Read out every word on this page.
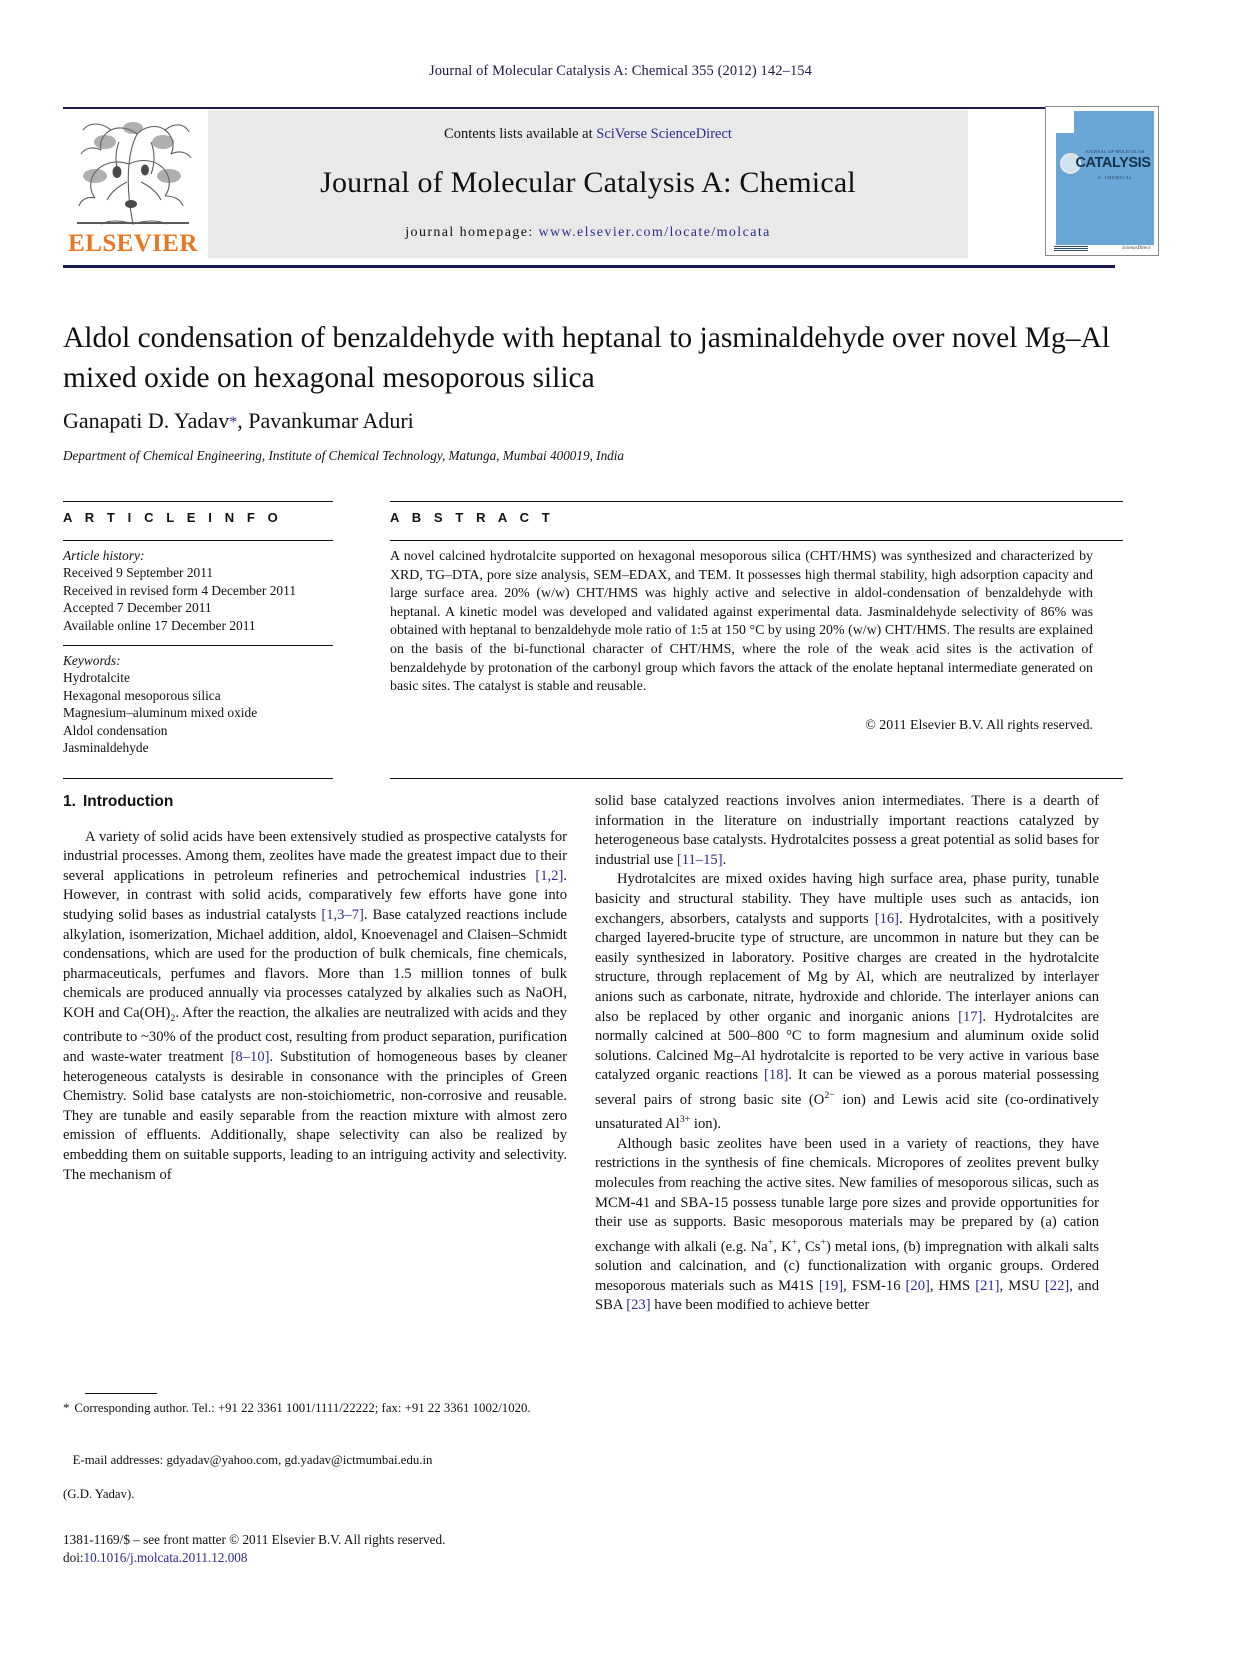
Journal of Molecular Catalysis A: Chemical 355 (2012) 142–154
ELSEVIER
Contents lists available at SciVerse ScienceDirect
Journal of Molecular Catalysis A: Chemical
journal homepage: www.elsevier.com/locate/molcata
JOURNAL OF MOLECULAR
CATALYSIS
A: CHEMICAL
ScienceDirect
Aldol condensation of benzaldehyde with heptanal to jasminaldehyde over novel Mg–Al mixed oxide on hexagonal mesoporous silica
Ganapati D. Yadav*, Pavankumar Aduri
Department of Chemical Engineering, Institute of Chemical Technology, Matunga, Mumbai 400019, India
A R T I C L E I N F O
Article history:
Received 9 September 2011
Received in revised form 4 December 2011
Accepted 7 December 2011
Available online 17 December 2011
Keywords:
Hydrotalcite
Hexagonal mesoporous silica
Magnesium–aluminum mixed oxide
Aldol condensation
Jasminaldehyde
A B S T R A C T
A novel calcined hydrotalcite supported on hexagonal mesoporous silica (CHT/HMS) was synthesized and characterized by XRD, TG–DTA, pore size analysis, SEM–EDAX, and TEM. It possesses high thermal stability, high adsorption capacity and large surface area. 20% (w/w) CHT/HMS was highly active and selective in aldol-condensation of benzaldehyde with heptanal. A kinetic model was developed and validated against experimental data. Jasminaldehyde selectivity of 86% was obtained with heptanal to benzaldehyde mole ratio of 1:5 at 150 °C by using 20% (w/w) CHT/HMS. The results are explained on the basis of the bi-functional character of CHT/HMS, where the role of the weak acid sites is the activation of benzaldehyde by protonation of the carbonyl group which favors the attack of the enolate heptanal intermediate generated on basic sites. The catalyst is stable and reusable.
© 2011 Elsevier B.V. All rights reserved.
1. Introduction

A variety of solid acids have been extensively studied as prospective catalysts for industrial processes. Among them, zeolites have made the greatest impact due to their several applications in petroleum refineries and petrochemical industries [1,2]. However, in contrast with solid acids, comparatively few efforts have gone into studying solid bases as industrial catalysts [1,3–7]. Base catalyzed reactions include alkylation, isomerization, Michael addition, aldol, Knoevenagel and Claisen–Schmidt condensations, which are used for the production of bulk chemicals, fine chemicals, pharmaceuticals, perfumes and flavors. More than 1.5 million tonnes of bulk chemicals are produced annually via processes catalyzed by alkalies such as NaOH, KOH and $Ca(OH)_2$. After the reaction, the alkalies are neutralized with acids and they contribute to ~30% of the product cost, resulting from product separation, purification and waste-water treatment [8–10]. Substitution of homogeneous bases by cleaner heterogeneous catalysts is desirable in consonance with the principles of Green Chemistry. Solid base catalysts are non-stoichiometric, non-corrosive and reusable. They are tunable and easily separable from the reaction mixture with almost zero emission of effluents. Additionally, shape selectivity can also be realized by embedding them on suitable supports, leading to an intriguing activity and selectivity. The mechanism of

solid base catalyzed reactions involves anion intermediates. There is a dearth of information in the literature on industrially important reactions catalyzed by heterogeneous base catalysts. Hydrotalcites possess a great potential as solid bases for industrial use [11–15].

Hydrotalcites are mixed oxides having high surface area, phase purity, tunable basicity and structural stability. They have multiple uses such as antacids, ion exchangers, absorbers, catalysts and supports [16]. Hydrotalcites, with a positively charged layered-brucite type of structure, are uncommon in nature but they can be easily synthesized in laboratory. Positive charges are created in the hydrotalcite structure, through replacement of Mg by Al, which are neutralized by interlayer anions such as carbonate, nitrate, hydroxide and chloride. The interlayer anions can also be replaced by other organic and inorganic anions [17]. Hydrotalcites are normally calcined at 500–800 °C to form magnesium and aluminum oxide solid solutions. Calcined Mg–Al hydrotalcite is reported to be very active in various base catalyzed organic reactions [18]. It can be viewed as a porous material possessing several pairs of strong basic site ($O^{2-}$ ion) and Lewis acid site (co-ordinatively unsaturated $Al^{3+}$ ion).

Although basic zeolites have been used in a variety of reactions, they have restrictions in the synthesis of fine chemicals. Micropores of zeolites prevent bulky molecules from reaching the active sites. New families of mesoporous silicas, such as MCM-41 and SBA-15 possess tunable large pore sizes and provide opportunities for their use as supports. Basic mesoporous materials may be prepared by (a) cation exchange with alkali (e.g. Na+, K+, Cs+) metal ions, (b) impregnation with alkali salts solution and calcination, and (c) functionalization with organic groups. Ordered mesoporous materials such as M41S [19], FSM-16 [20], HMS [21], MSU [22], and SBA [23] have been modified to achieve better

* Corresponding author. Tel.: +91 22 3361 1001/1111/22222; fax: +91 22 3361 1002/1020.
E-mail addresses: gdyadav@yahoo.com, gd.yadav@ictmumbai.edu.in
(G.D. Yadav).
1381-1169/$ – see front matter © 2011 Elsevier B.V. All rights reserved.
doi:10.1016/j.molcata.2011.12.008
